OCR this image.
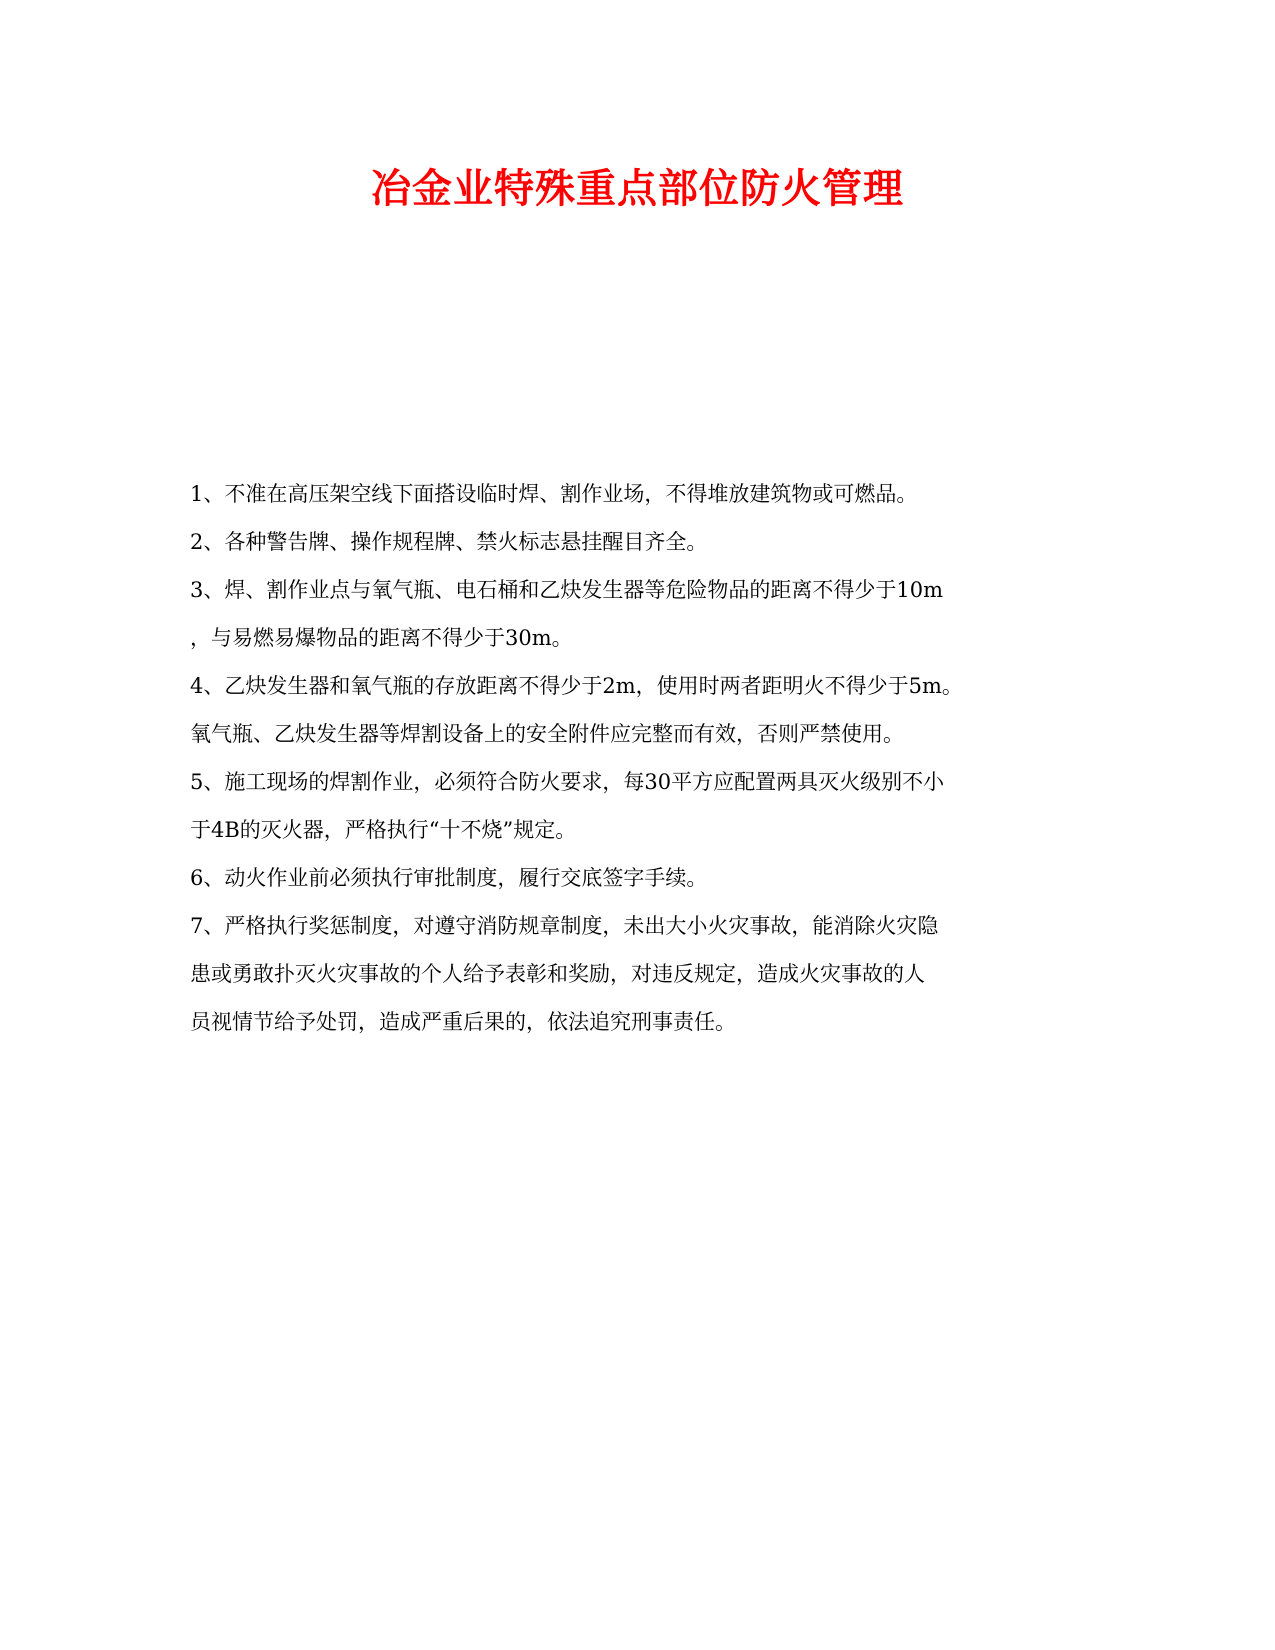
冶金业特殊重点部位防火管理

1、不准在高压架空线下面搭设临时焊、割作业场，不得堆放建筑物或可燃品。

2、各种警告牌、操作规程牌、禁火标志悬挂醒目齐全。

3、焊、割作业点与氧气瓶、电石桶和乙炔发生器等危险物品的距离不得少于10m

，与易燃易爆物品的距离不得少于30m。

4、乙炔发生器和氧气瓶的存放距离不得少于2m，使用时两者距明火不得少于5m。

氧气瓶、乙炔发生器等焊割设备上的安全附件应完整而有效，否则严禁使用。

5、施工现场的焊割作业，必须符合防火要求，每30平方应配置两具灭火级别不小

于4B的灭火器，严格执行“十不烧”规定。

6、动火作业前必须执行审批制度，履行交底签字手续。

7、严格执行奖惩制度，对遵守消防规章制度，未出大小火灾事故，能消除火灾隐

患或勇敢扑灭火灾事故的个人给予表彰和奖励，对违反规定，造成火灾事故的人

员视情节给予处罚，造成严重后果的，依法追究刑事责任。
